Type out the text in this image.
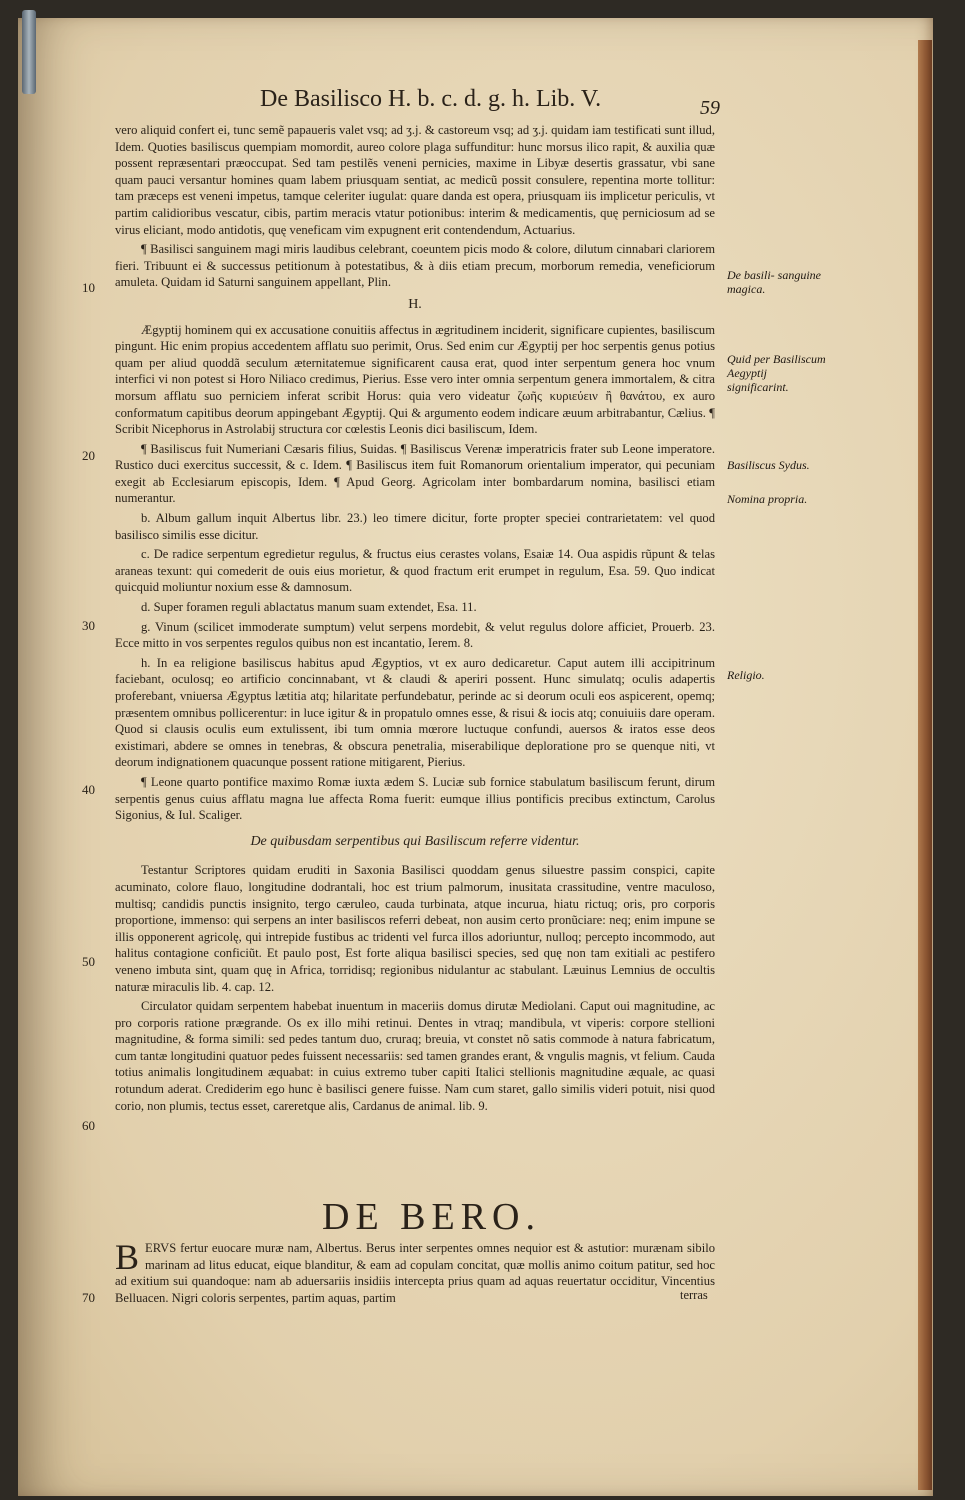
De Basilisco H. b. c. d. g. h. Lib. V.	59

vero aliquid confert ei, tunc semẽ papaueris valet vsq; ad ʒ.j. & castoreum vsq; ad ʒ.j. quidam iam testificati sunt illud, Idem. Quoties basiliscus quempiam momordit, aureo colore plaga suffunditur: hunc morsus ilico rapit, & auxilia quæ possent repræsentari præoccupat. Sed tam pestilẽs veneni pernicies, maxime in Libyæ desertis grassatur, vbi sane quam pauci versantur homines quam labem priusquam sentiat, ac medicũ possit consulere, repentina morte tollitur: tam præceps est veneni impetus, tamque celeriter iugulat: quare danda est opera, priusquam iis implicetur periculis, vt partim calidioribus vescatur, cibis, partim meracis vtatur potionibus: interim & medicamentis, quę perniciosum ad se virus eliciant, modo antidotis, quę veneficam vim expugnent erit contendendum, Actuarius.

¶ Basilisci sanguinem magi miris laudibus celebrant, coeuntem picis modo & colore, dilutum cinnabari clariorem fieri. Tribuunt ei & successus petitionum à potestatibus, & à diis etiam precum, morborum remedia, veneficiorum amuleta. Quidam id Saturni sanguinem appellant, Plin.

H.

Ægyptij hominem qui ex accusatione conuitiis affectus in ægritudinem inciderit, significare cupientes, basiliscum pingunt. Hic enim propius accedentem afflatu suo perimit, Orus. Sed enim cur Ægyptij per hoc serpentis genus potius quam per aliud quoddã seculum æternitatemue significarent causa erat, quod inter serpentum genera hoc vnum interfici vi non potest si Horo Niliaco credimus, Pierius. Esse vero inter omnia serpentum genera immortalem, & citra morsum afflatu suo perniciem inferat scribit Horus: quia vero videatur ζωῆς κυριεύειν ἢ θανάτου, ex auro conformatum capitibus deorum appingebant Ægyptij. Qui & argumento eodem indicare æuum arbitrabantur, Cælius. ¶ Scribit Nicephorus in Astrolabij structura cor cœlestis Leonis dici basiliscum, Idem.

¶ Basiliscus fuit Numeriani Cæsaris filius, Suidas. ¶ Basiliscus Verenæ imperatricis frater sub Leone imperatore. Rustico duci exercitus successit, & c. Idem. ¶ Basiliscus item fuit Romanorum orientalium imperator, qui pecuniam exegit ab Ecclesiarum episcopis, Idem. ¶ Apud Georg. Agricolam inter bombardarum nomina, basilisci etiam numerantur.

b. Album gallum inquit Albertus libr. 23.) leo timere dicitur, forte propter speciei contrarietatem: vel quod basilisco similis esse dicitur.

c. De radice serpentum egredietur regulus, & fructus eius cerastes volans, Esaiæ 14. Oua aspidis rũpunt & telas araneas texunt: qui comederit de ouis eius morietur, & quod fractum erit erumpet in regulum, Esa. 59. Quo indicat quicquid moliuntur noxium esse & damnosum.

d. Super foramen reguli ablactatus manum suam extendet, Esa. 11.

g. Vinum (scilicet immoderate sumptum) velut serpens mordebit, & velut regulus dolore afficiet, Prouerb. 23. Ecce mitto in vos serpentes regulos quibus non est incantatio, Ierem. 8.

h. In ea religione basiliscus habitus apud Ægyptios, vt ex auro dedicaretur. Caput autem illi accipitrinum faciebant, oculosq; eo artificio concinnabant, vt & claudi & aperiri possent. Hunc simulatq; oculis adapertis proferebant, vniuersa Ægyptus lætitia atq; hilaritate perfundebatur, perinde ac si deorum oculi eos aspicerent, opemq; præsentem omnibus pollicerentur: in luce igitur & in propatulo omnes esse, & risui & iocis atq; conuiuiis dare operam. Quod si clausis oculis eum extulissent, ibi tum omnia mœrore luctuque confundi, auersos & iratos esse deos existimari, abdere se omnes in tenebras, & obscura penetralia, miserabilique deploratione pro se quenque niti, vt deorum indignationem quacunque possent ratione mitigarent, Pierius.

¶ Leone quarto pontifice maximo Romæ iuxta ædem S. Luciæ sub fornice stabulatum basiliscum ferunt, dirum serpentis genus cuius afflatu magna lue affecta Roma fuerit: eumque illius pontificis precibus extinctum, Carolus Sigonius, & Iul. Scaliger.

De quibusdam serpentibus qui Basiliscum referre videntur.

Testantur Scriptores quidam eruditi in Saxonia Basilisci quoddam genus siluestre passim conspici, capite acuminato, colore flauo, longitudine dodrantali, hoc est trium palmorum, inusitata crassitudine, ventre maculoso, multisq; candidis punctis insignito, tergo cæruleo, cauda turbinata, atque incurua, hiatu rictuq; oris, pro corporis proportione, immenso: qui serpens an inter basiliscos referri debeat, non ausim certo pronũciare: neq; enim impune se illis opponerent agricolę, qui intrepide fustibus ac tridenti vel furca illos adoriuntur, nulloq; percepto incommodo, aut halitus contagione conficiũt. Et paulo post, Est forte aliqua basilisci species, sed quę non tam exitiali ac pestifero veneno imbuta sint, quam quę in Africa, torridisq; regionibus nidulantur ac stabulant. Læuinus Lemnius de occultis naturæ miraculis lib. 4. cap. 12.

Circulator quidam serpentem habebat inuentum in maceriis domus dirutæ Mediolani. Caput oui magnitudine, ac pro corporis ratione prægrande. Os ex illo mihi retinui. Dentes in vtraq; mandibula, vt viperis: corpore stellioni magnitudine, & forma simili: sed pedes tantum duo, cruraq; breuia, vt constet nõ satis commode à natura fabricatum, cum tantæ longitudini quatuor pedes fuissent necessariis: sed tamen grandes erant, & vngulis magnis, vt felium. Cauda totius animalis longitudinem æquabat: in cuius extremo tuber capiti Italici stellionis magnitudine æquale, ac quasi rotundum aderat. Crediderim ego hunc è basilisci genere fuisse. Nam cum staret, gallo similis videri potuit, nisi quod corio, non plumis, tectus esset, careretque alis, Cardanus de animal. lib. 9.

DE BERO.

BERVS fertur euocare muræ nam, Albertus. Berus inter serpentes omnes nequior est & astutior: murænam sibilo marinam ad litus educat, eique blanditur, & eam ad copulam concitat, quæ mollis animo coitum patitur, sed hoc ad exitium sui quandoque: nam ab aduersariis insidiis intercepta prius quam ad aquas reuertatur occiditur, Vincentius Belluacen. Nigri coloris serpentes, partim aquas, partim	terras
De basili- sanguine magica.
Quid per Basiliscum Aegyptij significarint.
Basiliscus Sydus.
Nomina propria.
Religio.
10
20
30
40
50
60
70
